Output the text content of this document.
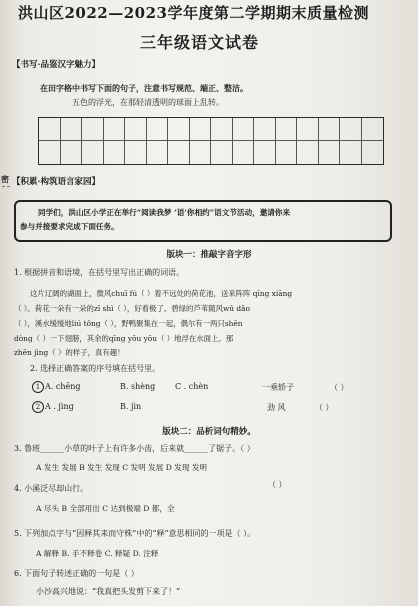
洪山区2022—2023学年度第二学期期末质量检测
三年级语文试卷
【书写·品鉴汉字魅力】
在田字格中书写下面的句子，注意书写规范、端正、整洁。
五色的浮光，在那轻清透明的球面上乱转。
密 【积累·构筑语言家园】
同学们，洪山区小学正在举行“阅读我梦 ‘语’你相约”语文节活动，邀请你来
参与并接要求完成下面任务。
版块一：推敲字音字形
1. 根据拼音和语境，在括号里写出正确的词语。
这片辽阔的湖面上，微风chuī fú（ ）着不远处的荷花池，送来阵阵 qīng xiāng
（ ）。荷花一朵有一朵的zī shì（ ），好看极了。碧绿的芦苇随风wǔ dǎo
（ ），溪水缓缓地liú tǒng（ ），野鸭聚集在一起，偶尔有一两只shēn
dòng（ ）一下翅膀，其余的qīng yōu yōu（ ）地浮在水面上。那
zhēn jìng（ ）的样子，真有趣！
2. 选择正确答案的序号填在括号里。
1 A. chēng	B. shèng C . chèn	一乘轿子	（ ）
2 A . jìng	B. jìn	劲 风	（ ）
版块二：品析词句精妙。
3. 鲁班______小草的叶子上有许多小齿，后来就______了锯子。（ ）
A 发生 发展 B 发生 发现 C 发明 发展 D 发现 发明
4. 小溪泛尽却山行。	（ ）
A 尽头 B 全部用出 C 达到极端 D 都，全
5. 下列加点字与“因释其耒而守株”中的“释”意思相同的一项是（ ）。
A 解释 B. 手不释卷 C. 释疑 D. 注释
6. 下面句子转述正确的一句是（ ）
小沙高兴地说：“我真把头发剪下来了！”
